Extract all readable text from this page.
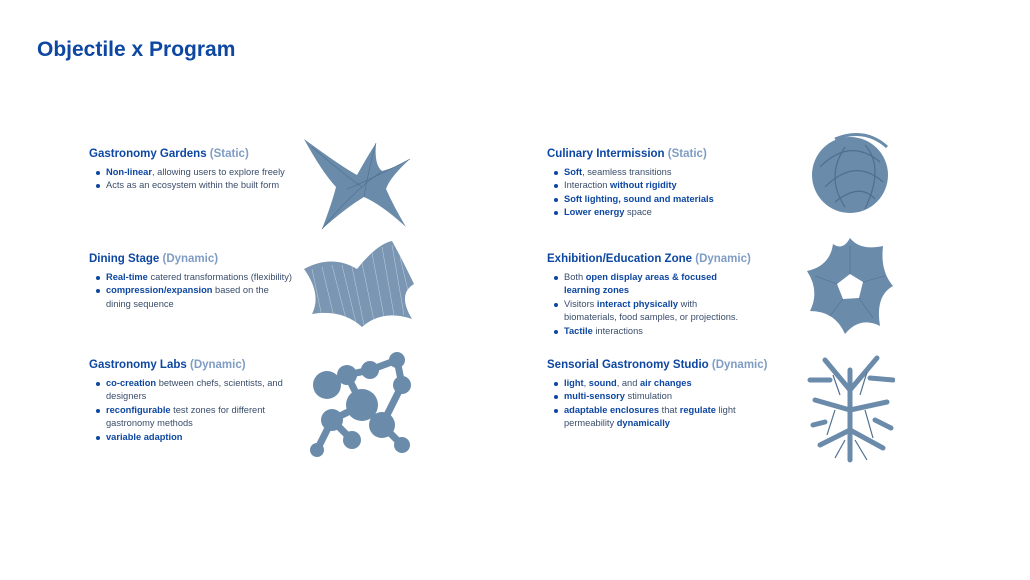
Objectile x Program
Gastronomy Gardens (Static)
Non-linear, allowing users to explore freely
Acts as an ecosystem within the built form
Dining Stage (Dynamic)
Real-time catered transformations (flexibility)
compression/expansion based on the dining sequence
Gastronomy Labs (Dynamic)
co-creation between chefs, scientists, and designers
reconfigurable test zones for different gastronomy methods
variable adaption
Culinary Intermission (Static)
Soft, seamless transitions
Interaction without rigidity
Soft lighting, sound and materials
Lower energy space
Exhibition/Education Zone (Dynamic)
Both open display areas & focused learning zones
Visitors interact physically with biomaterials, food samples, or projections.
Tactile interactions
Sensorial Gastronomy Studio (Dynamic)
light, sound, and air changes
multi-sensory stimulation
adaptable enclosures that regulate light permeability dynamically
